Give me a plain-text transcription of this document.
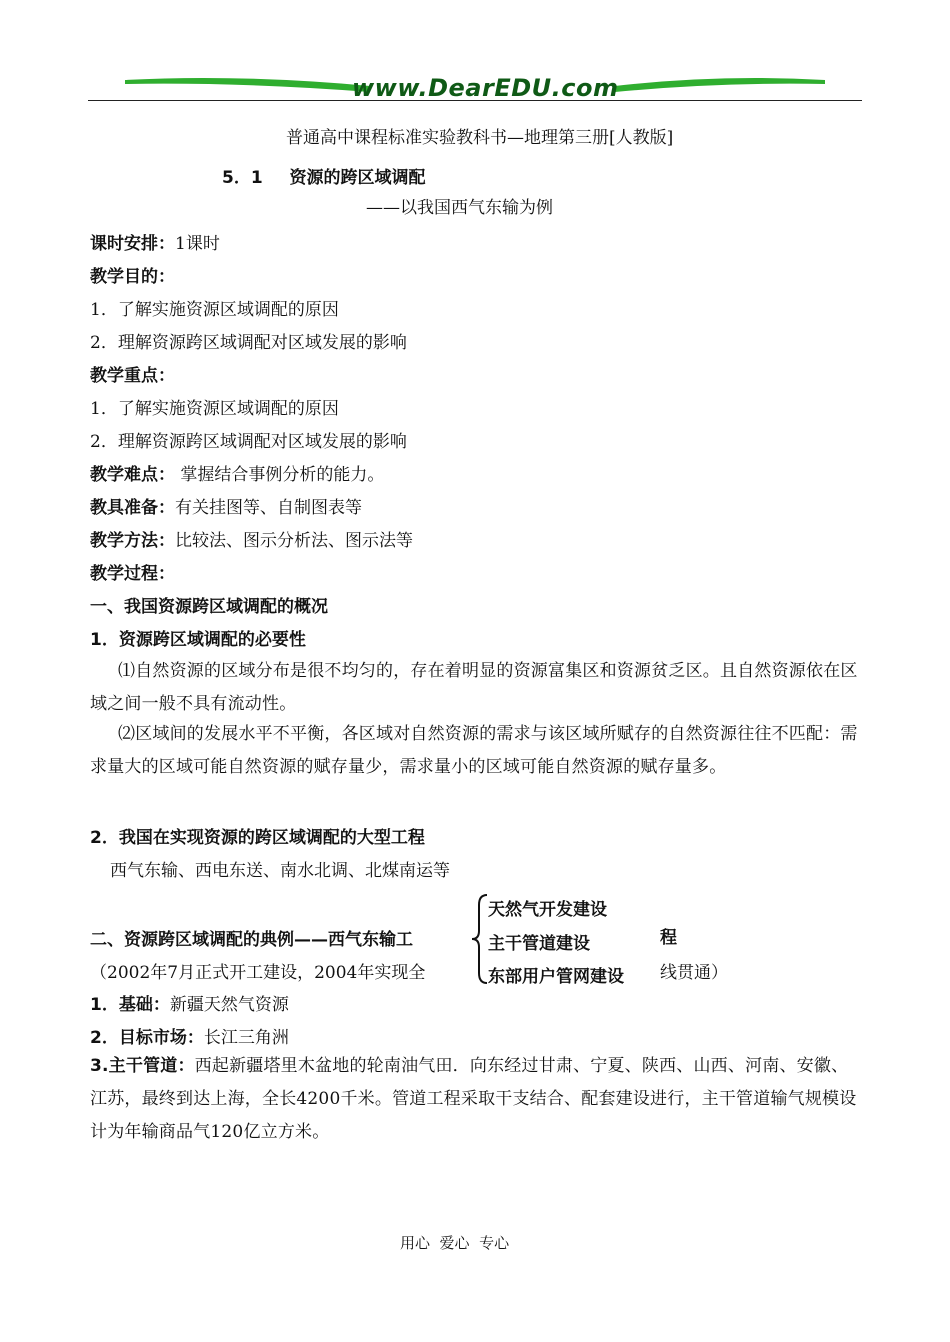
www.DearEDU.com
普通高中课程标准实验教科书—地理第三册[人教版]
5．1 资源的跨区域调配
——以我国西气东输为例
课时安排：1课时
教学目的：
1．了解实施资源区域调配的原因
2．理解资源跨区域调配对区域发展的影响
教学重点：
1．了解实施资源区域调配的原因
2．理解资源跨区域调配对区域发展的影响
教学难点： 掌握结合事例分析的能力。
教具准备：有关挂图等、自制图表等
教学方法：比较法、图示分析法、图示法等
教学过程：
一、我国资源跨区域调配的概况
1．资源跨区域调配的必要性
⑴自然资源的区域分布是很不均匀的，存在着明显的资源富集区和资源贫乏区。且自然资源依在区域之间一般不具有流动性。
⑵区域间的发展水平不平衡，各区域对自然资源的需求与该区域所赋存的自然资源往往不匹配：需求量大的区域可能自然资源的赋存量少，需求量小的区域可能自然资源的赋存量多。
2．我国在实现资源的跨区域调配的大型工程
西气东输、西电东送、南水北调、北煤南运等
二、资源跨区域调配的典例——西气东输工
天然气开发建设
主干管道建设
东部用户管网建设
程
（2002年7月正式开工建设，2004年实现全	线贯通）
1．基础：新疆天然气资源
2．目标市场：长江三角洲
3.主干管道：西起新疆塔里木盆地的轮南油气田．向东经过甘肃、宁夏、陕西、山西、河南、安徽、江苏，最终到达上海，全长4200千米。管道工程采取干支结合、配套建设进行，主干管道输气规模设计为年输商品气120亿立方米。
用心  爱心  专心
